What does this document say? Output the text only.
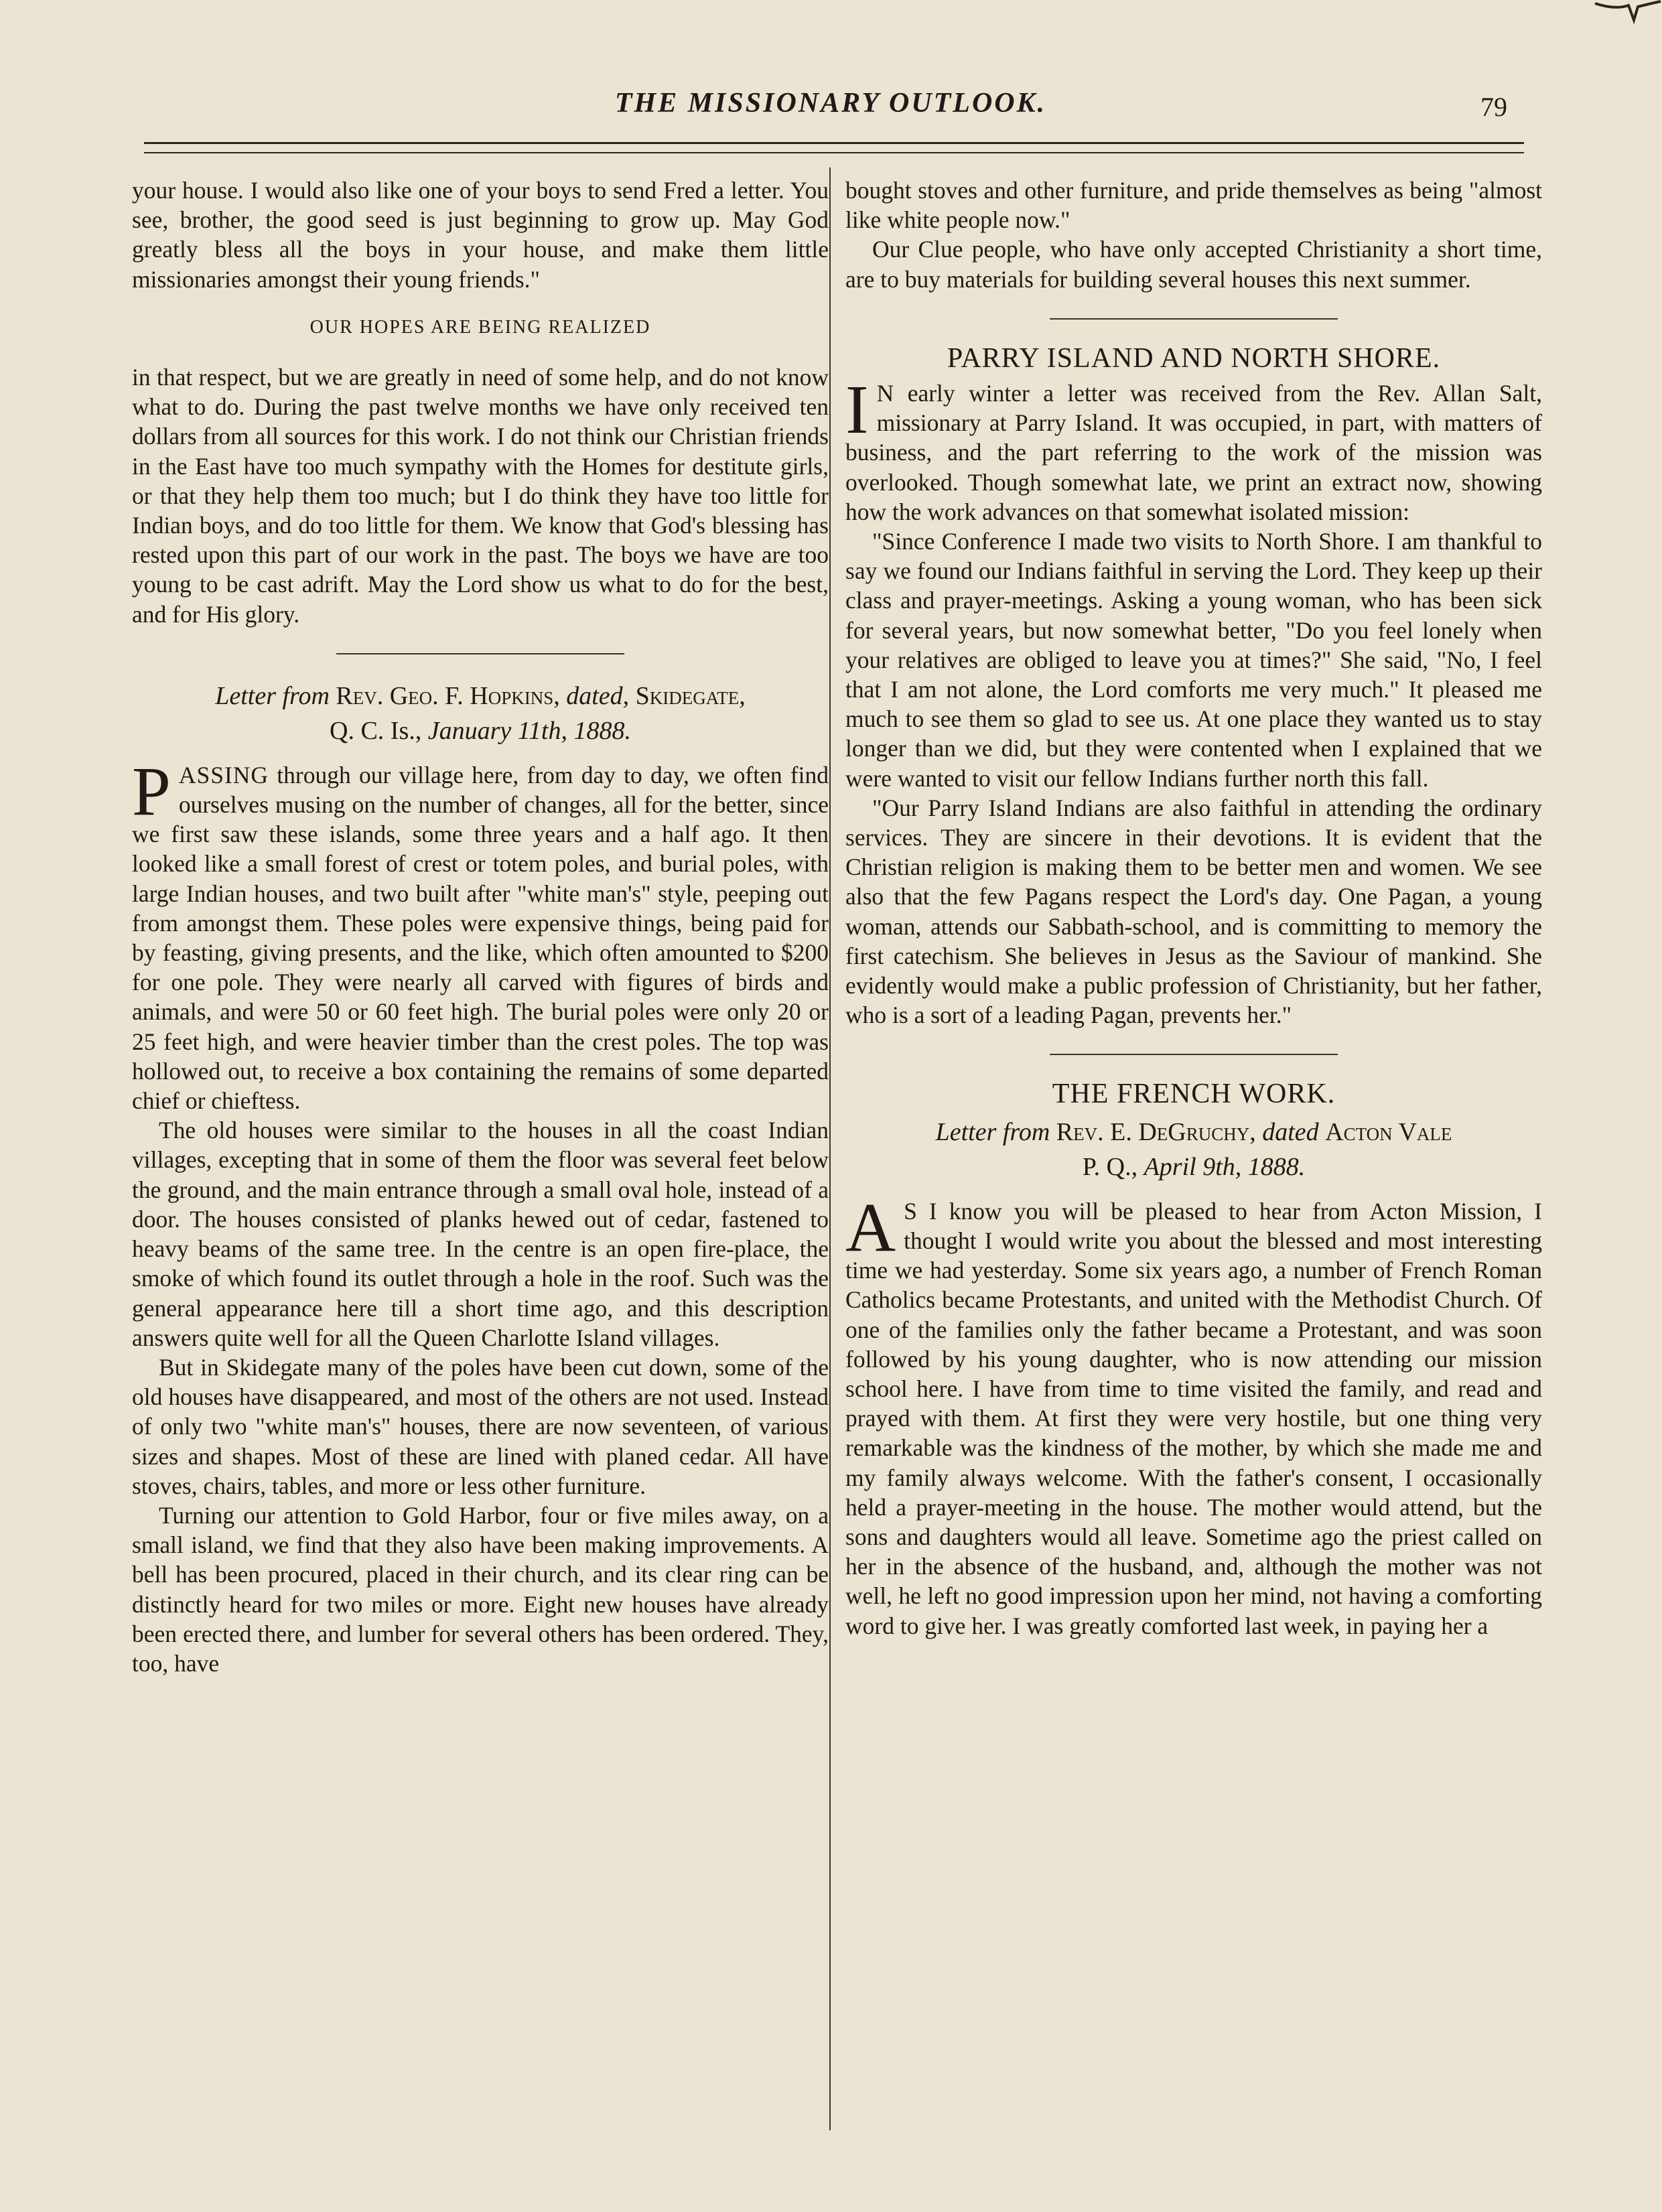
THE MISSIONARY OUTLOOK.	79

your house. I would also like one of your boys to send Fred a letter. You see, brother, the good seed is just beginning to grow up. May God greatly bless all the boys in your house, and make them little missionaries amongst their young friends."

OUR HOPES ARE BEING REALIZED

in that respect, but we are greatly in need of some help, and do not know what to do. During the past twelve months we have only received ten dollars from all sources for this work. I do not think our Christian friends in the East have too much sympathy with the Homes for destitute girls, or that they help them too much; but I do think they have too little for Indian boys, and do too little for them. We know that God's blessing has rested upon this part of our work in the past. The boys we have are too young to be cast adrift. May the Lord show us what to do for the best, and for His glory.

Letter from Rev. Geo. F. Hopkins, dated, Skidegate,
Q. C. Is., January 11th, 1888.

PASSING through our village here, from day to day, we often find ourselves musing on the number of changes, all for the better, since we first saw these islands, some three years and a half ago. It then looked like a small forest of crest or totem poles, and burial poles, with large Indian houses, and two built after "white man's" style, peeping out from amongst them. These poles were expensive things, being paid for by feasting, giving presents, and the like, which often amounted to $200 for one pole. They were nearly all carved with figures of birds and animals, and were 50 or 60 feet high. The burial poles were only 20 or 25 feet high, and were heavier timber than the crest poles. The top was hollowed out, to receive a box containing the remains of some departed chief or chieftess.

The old houses were similar to the houses in all the coast Indian villages, excepting that in some of them the floor was several feet below the ground, and the main entrance through a small oval hole, instead of a door. The houses consisted of planks hewed out of cedar, fastened to heavy beams of the same tree. In the centre is an open fire-place, the smoke of which found its outlet through a hole in the roof. Such was the general appearance here till a short time ago, and this description answers quite well for all the Queen Charlotte Island villages.

But in Skidegate many of the poles have been cut down, some of the old houses have disappeared, and most of the others are not used. Instead of only two "white man's" houses, there are now seventeen, of various sizes and shapes. Most of these are lined with planed cedar. All have stoves, chairs, tables, and more or less other furniture.

Turning our attention to Gold Harbor, four or five miles away, on a small island, we find that they also have been making improvements. A bell has been procured, placed in their church, and its clear ring can be distinctly heard for two miles or more. Eight new houses have already been erected there, and lumber for several others has been ordered. They, too, have

bought stoves and other furniture, and pride themselves as being "almost like white people now."

Our Clue people, who have only accepted Christianity a short time, are to buy materials for building several houses this next summer.

PARRY ISLAND AND NORTH SHORE.

I N early winter a letter was received from the Rev. Allan Salt, missionary at Parry Island. It was occupied, in part, with matters of business, and the part referring to the work of the mission was overlooked. Though somewhat late, we print an extract now, showing how the work advances on that somewhat isolated mission:

"Since Conference I made two visits to North Shore. I am thankful to say we found our Indians faithful in serving the Lord. They keep up their class and prayer-meetings. Asking a young woman, who has been sick for several years, but now somewhat better, "Do you feel lonely when your relatives are obliged to leave you at times?" She said, "No, I feel that I am not alone, the Lord comforts me very much." It pleased me much to see them so glad to see us. At one place they wanted us to stay longer than we did, but they were contented when I explained that we were wanted to visit our fellow Indians further north this fall.

"Our Parry Island Indians are also faithful in attending the ordinary services. They are sincere in their devotions. It is evident that the Christian religion is making them to be better men and women. We see also that the few Pagans respect the Lord's day. One Pagan, a young woman, attends our Sabbath-school, and is committing to memory the first catechism. She believes in Jesus as the Saviour of mankind. She evidently would make a public profession of Christianity, but her father, who is a sort of a leading Pagan, prevents her."

THE FRENCH WORK.
Letter from Rev. E. DeGruchy, dated Acton Vale
P. Q., April 9th, 1888.

A S I know you will be pleased to hear from Acton Mission, I thought I would write you about the blessed and most interesting time we had yesterday. Some six years ago, a number of French Roman Catholics became Protestants, and united with the Methodist Church. Of one of the families only the father became a Protestant, and was soon followed by his young daughter, who is now attending our mission school here. I have from time to time visited the family, and read and prayed with them. At first they were very hostile, but one thing very remarkable was the kindness of the mother, by which she made me and my family always welcome. With the father's consent, I occasionally held a prayer-meeting in the house. The mother would attend, but the sons and daughters would all leave. Sometime ago the priest called on her in the absence of the husband, and, although the mother was not well, he left no good impression upon her mind, not having a comforting word to give her. I was greatly comforted last week, in paying her a
